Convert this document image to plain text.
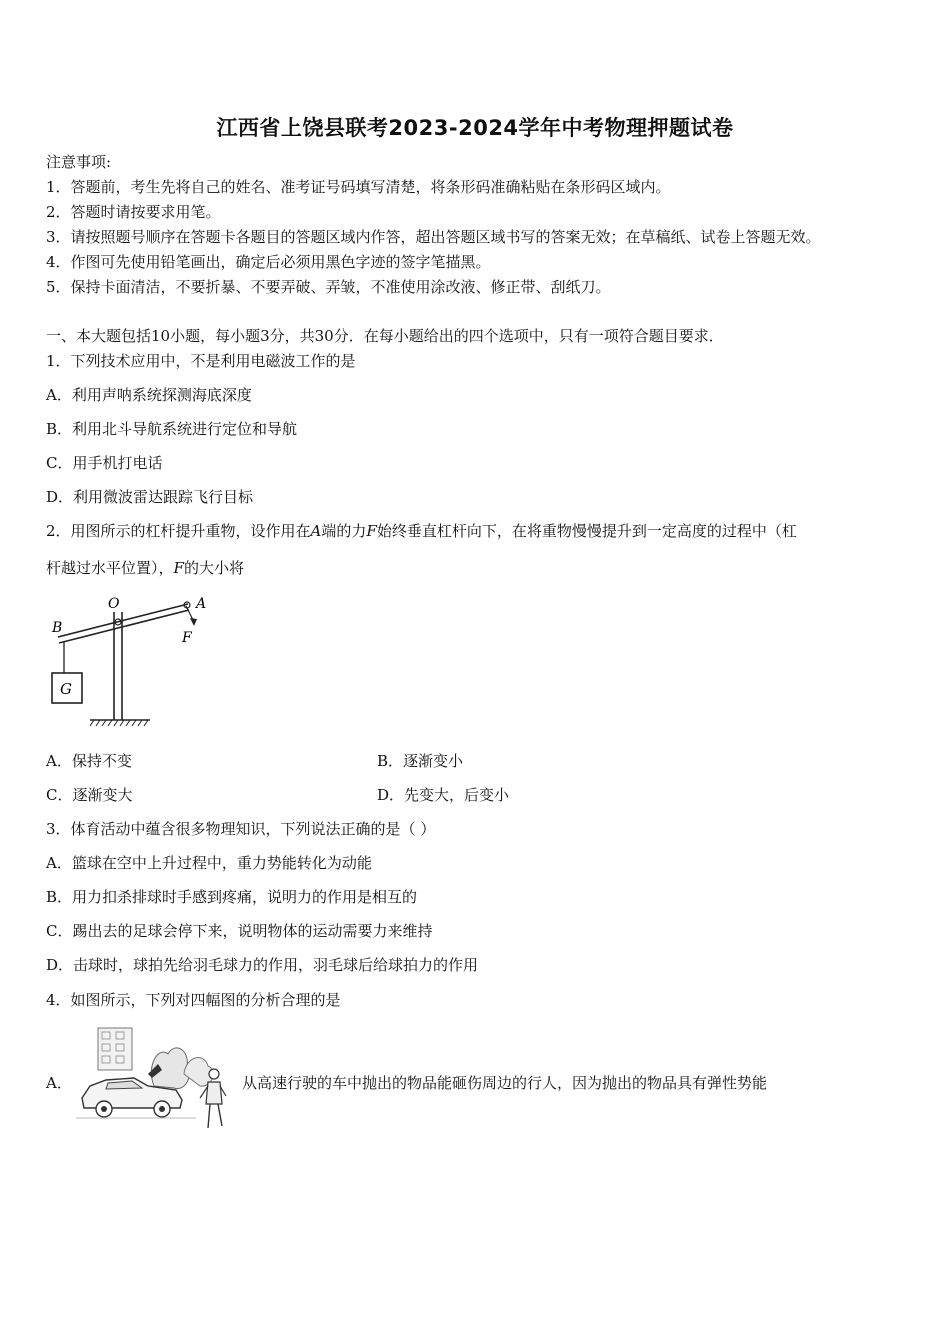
江西省上饶县联考2023-2024学年中考物理押题试卷
注意事项:
1．答题前，考生先将自己的姓名、准考证号码填写清楚，将条形码准确粘贴在条形码区域内。
2．答题时请按要求用笔。
3．请按照题号顺序在答题卡各题目的答题区域内作答，超出答题区域书写的答案无效；在草稿纸、试卷上答题无效。
4．作图可先使用铅笔画出，确定后必须用黑色字迹的签字笔描黑。
5．保持卡面清洁，不要折暴、不要弄破、弄皱，不准使用涂改液、修正带、刮纸刀。
一、本大题包括10小题，每小题3分，共30分．在每小题给出的四个选项中，只有一项符合题目要求．
1．下列技术应用中，不是利用电磁波工作的是
A．利用声呐系统探测海底深度
B．利用北斗导航系统进行定位和导航
C．用手机打电话
D．利用微波雷达跟踪飞行目标
2．用图所示的杠杆提升重物，设作用在A端的力F始终垂直杠杆向下，在将重物慢慢提升到一定高度的过程中（杠
杆越过水平位置），F的大小将
O	A
B
F
G
A．保持不变	B．逐渐变小
C．逐渐变大	D．先变大，后变小
3．体育活动中蕴含很多物理知识，下列说法正确的是（ ）
A．篮球在空中上升过程中，重力势能转化为动能
B．用力扣杀排球时手感到疼痛，说明力的作用是相互的
C．踢出去的足球会停下来，说明物体的运动需要力来维持
D．击球时，球拍先给羽毛球力的作用，羽毛球后给球拍力的作用
4．如图所示，下列对四幅图的分析合理的是
A．	从高速行驶的车中抛出的物品能砸伤周边的行人，因为抛出的物品具有弹性势能
